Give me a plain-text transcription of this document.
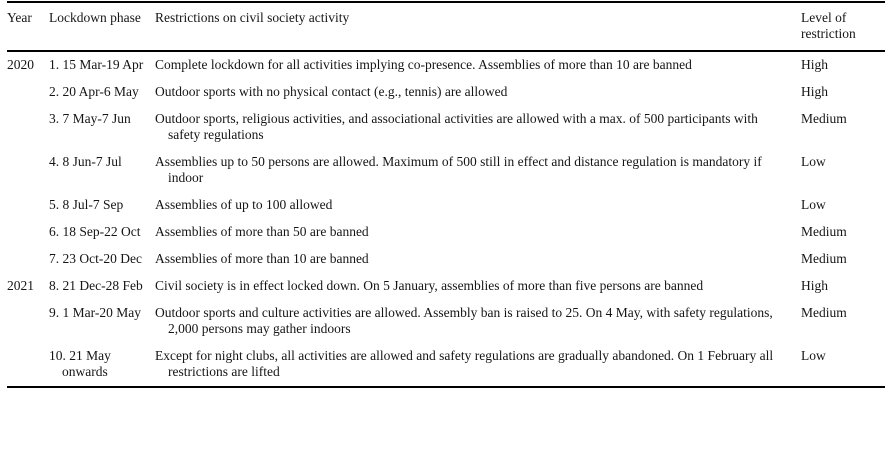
Year	Lockdown phase	Restrictions on civil society activity	Level of restriction
2020	1. 15 Mar-19 Apr	Complete lockdown for all activities implying co-presence. Assemblies of more than 10 are banned	High
	2. 20 Apr-6 May	Outdoor sports with no physical contact (e.g., tennis) are allowed	High
	3. 7 May-7 Jun	Outdoor sports, religious activities, and associational activities are allowed with a max. of 500 participants with safety regulations	Medium
	4. 8 Jun-7 Jul	Assemblies up to 50 persons are allowed. Maximum of 500 still in effect and distance regulation is mandatory if indoor	Low
	5. 8 Jul-7 Sep	Assemblies of up to 100 allowed	Low
	6. 18 Sep-22 Oct	Assemblies of more than 50 are banned	Medium
	7. 23 Oct-20 Dec	Assemblies of more than 10 are banned	Medium
2021	8. 21 Dec-28 Feb	Civil society is in effect locked down. On 5 January, assemblies of more than five persons are banned	High
	9. 1 Mar-20 May	Outdoor sports and culture activities are allowed. Assembly ban is raised to 25. On 4 May, with safety regulations, 2,000 persons may gather indoors	Medium
	10. 21 May onwards	Except for night clubs, all activities are allowed and safety regulations are gradually abandoned. On 1 February all restrictions are lifted	Low
